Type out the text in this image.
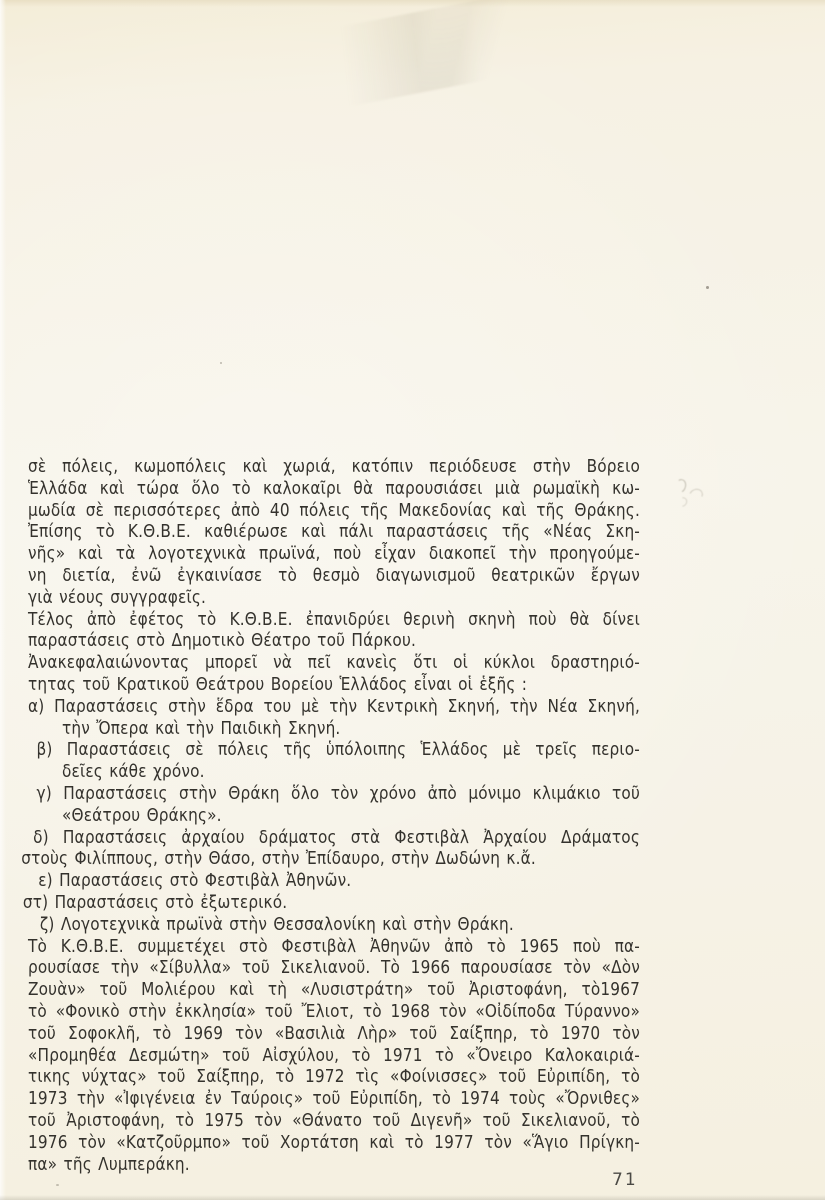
σὲ πόλεις, κωμοπόλεις καὶ χωριά, κατόπιν περιόδευσε στὴν Βόρειο
Ἑλλάδα καὶ τώρα ὅλο τὸ καλοκαῖρι θὰ παρουσιάσει μιὰ ρωμαϊκὴ κω-
μωδία σὲ περισσότερες ἀπὸ 40 πόλεις τῆς Μακεδονίας καὶ τῆς Θράκης.
Ἐπίσης τὸ Κ.Θ.Β.Ε. καθιέρωσε καὶ πάλι παραστάσεις τῆς «Νέας Σκη-
νῆς» καὶ τὰ λογοτεχνικὰ πρωϊνά, ποὺ εἶχαν διακοπεῖ τὴν προηγούμε-
νη διετία, ἐνῶ ἐγκαινίασε τὸ θεσμὸ διαγωνισμοῦ θεατρικῶν ἔργων
γιὰ νέους συγγραφεῖς.
Τέλος ἀπὸ ἐφέτος τὸ Κ.Θ.Β.Ε. ἐπανιδρύει θερινὴ σκηνὴ ποὺ θὰ δίνει
παραστάσεις στὸ Δημοτικὸ Θέατρο τοῦ Πάρκου.
Ἀνακεφαλαιώνοντας μπορεῖ νὰ πεῖ κανεὶς ὅτι οἱ κύκλοι δραστηριό-
τητας τοῦ Κρατικοῦ Θεάτρου Βορείου Ἑλλάδος εἶναι οἱ ἑξῆς :
α) Παραστάσεις στὴν ἕδρα του μὲ τὴν Κεντρικὴ Σκηνή, τὴν Νέα Σκηνή,
τὴν Ὄπερα καὶ τὴν Παιδικὴ Σκηνή.
β) Παραστάσεις σὲ πόλεις τῆς ὑπόλοιπης Ἑλλάδος μὲ τρεῖς περιο-
δεῖες κάθε χρόνο.
γ) Παραστάσεις στὴν Θράκη ὅλο τὸν χρόνο ἀπὸ μόνιμο κλιμάκιο τοῦ
«Θεάτρου Θράκης».
δ) Παραστάσεις ἀρχαίου δράματος στὰ Φεστιβὰλ Ἀρχαίου Δράματος
στοὺς Φιλίππους, στὴν Θάσο, στὴν Ἐπίδαυρο, στὴν Δωδώνη κ.ἄ.
ε) Παραστάσεις στὸ Φεστιβὰλ Ἀθηνῶν.
στ) Παραστάσεις στὸ ἐξωτερικό.
ζ) Λογοτεχνικὰ πρωϊνὰ στὴν Θεσσαλονίκη καὶ στὴν Θράκη.
Τὸ Κ.Θ.Β.Ε. συμμετέχει στὸ Φεστιβὰλ Ἀθηνῶν ἀπὸ τὸ 1965 ποὺ πα-
ρουσίασε τὴν «Σίβυλλα» τοῦ Σικελιανοῦ. Τὸ 1966 παρουσίασε τὸν «Δὸν
Ζουὰν» τοῦ Μολιέρου καὶ τὴ «Λυσιστράτη» τοῦ Ἀριστοφάνη, τὸ1967
τὸ «Φονικὸ στὴν ἐκκλησία» τοῦ Ἔλιοτ, τὸ 1968 τὸν «Οἰδίποδα Τύραννο»
τοῦ Σοφοκλῆ, τὸ 1969 τὸν «Βασιλιὰ Λὴρ» τοῦ Σαίξπηρ, τὸ 1970 τὸν
«Προμηθέα Δεσμώτη» τοῦ Αἰσχύλου, τὸ 1971 τὸ «Ὄνειρο Καλοκαιριά-
τικης νύχτας» τοῦ Σαίξπηρ, τὸ 1972 τὶς «Φοίνισσες» τοῦ Εὐριπίδη, τὸ
1973 τὴν «Ἰφιγένεια ἐν Ταύροις» τοῦ Εὐριπίδη, τὸ 1974 τοὺς «Ὄρνιθες»
τοῦ Ἀριστοφάνη, τὸ 1975 τὸν «Θάνατο τοῦ Διγενῆ» τοῦ Σικελιανοῦ, τὸ
1976 τὸν «Κατζοῦρμπο» τοῦ Χορτάτση καὶ τὸ 1977 τὸν «Ἅγιο Πρίγκη-
πα» τῆς Λυμπεράκη.
71
